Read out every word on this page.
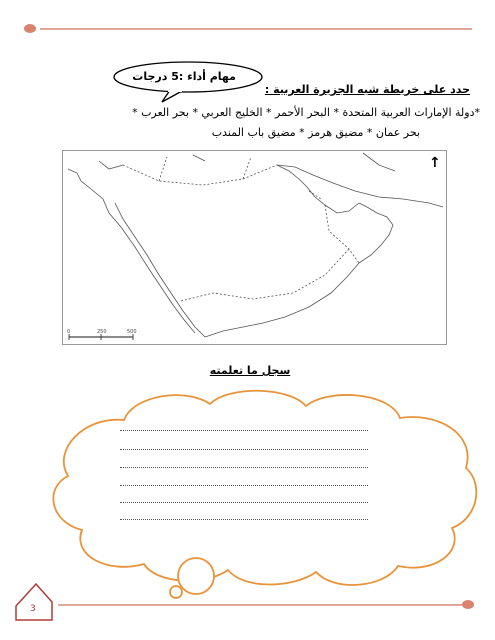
مهام أداء :5 درجات
حدد على خريطة شبه الجزيرة العربية :
*دولة الإمارات العربية المتحدة * البحر الأحمر * الخليج العربي * بحر العرب *
بحر عمان * مضيق هرمز * مضيق باب المندب
0	250	500
↑
سجل ما تعلمته
3
